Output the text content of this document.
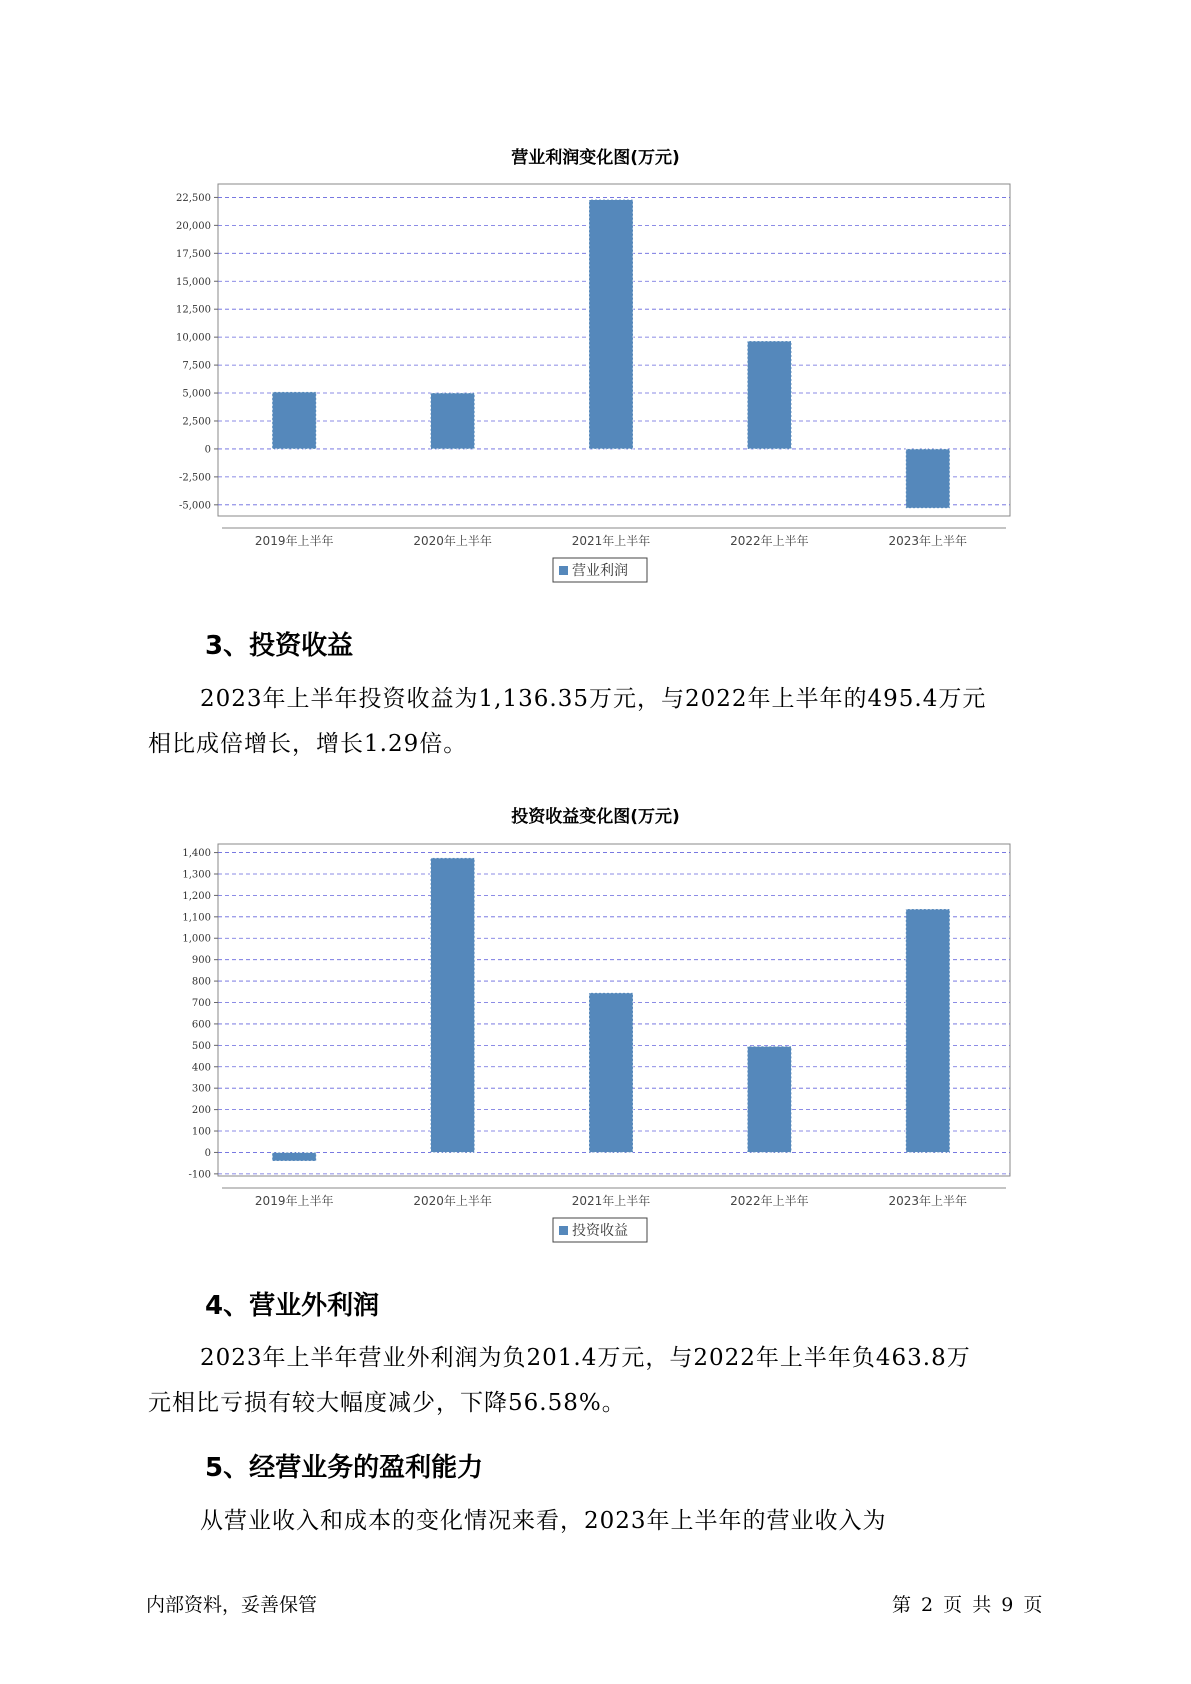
营业利润变化图(万元)
-5,000
-2,500
0
2,500
5,000
7,500
10,000
12,500
15,000
17,500
20,000
22,500
2019年上半年	2020年上半年	2021年上半年	2022年上半年	2023年上半年
营业利润
3、投资收益
2023年上半年投资收益为1,136.35万元，与2022年上半年的495.4万元
相比成倍增长，增长1.29倍。
投资收益变化图(万元)
-100
0
100
200
300
400
500
600
700
800
900
1,000
1,100
1,200
1,300
1,400
2019年上半年	2020年上半年	2021年上半年	2022年上半年	2023年上半年
投资收益
4、营业外利润
2023年上半年营业外利润为负201.4万元，与2022年上半年负463.8万
元相比亏损有较大幅度减少，下降56.58%。
5、经营业务的盈利能力
从营业收入和成本的变化情况来看，2023年上半年的营业收入为
内部资料，妥善保管	第 2 页 共 9 页
